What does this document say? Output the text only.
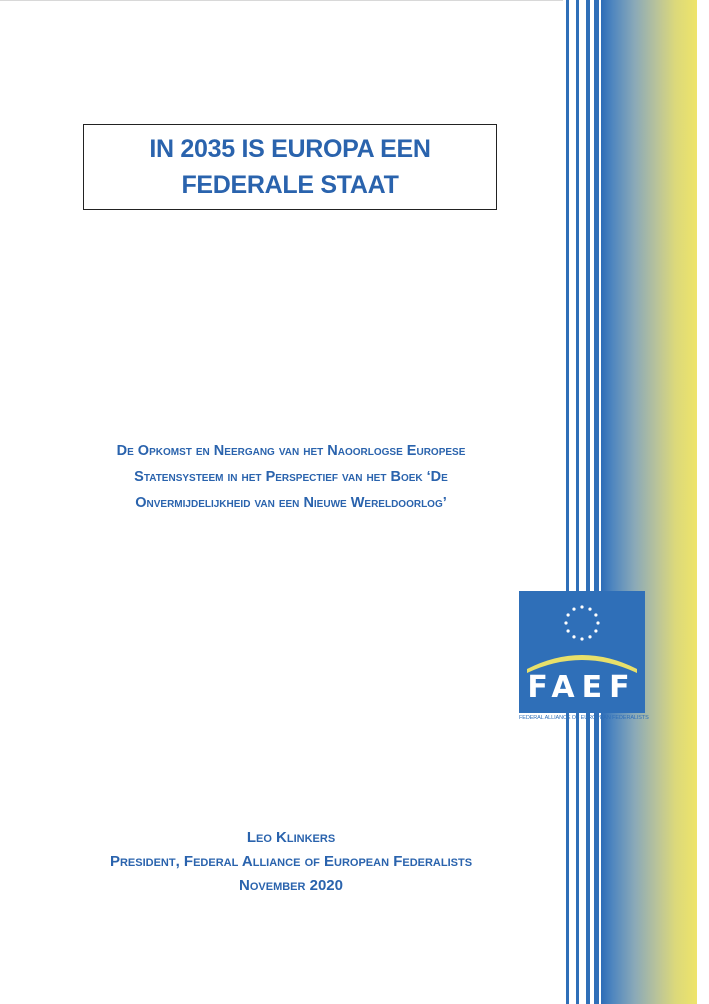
IN 2035 IS EUROPA EEN
FEDERALE STAAT
De Opkomst en Neergang van het Naoorlogse Europese
Statensysteem in het Perspectief van het Boek ‘De
Onvermijdelijkheid van een Nieuwe Wereldoorlog’
FAEF
FEDERAL ALLIANCE OF EUROPEAN FEDERALISTS
Leo Klinkers
President, Federal Alliance of European Federalists
November 2020
